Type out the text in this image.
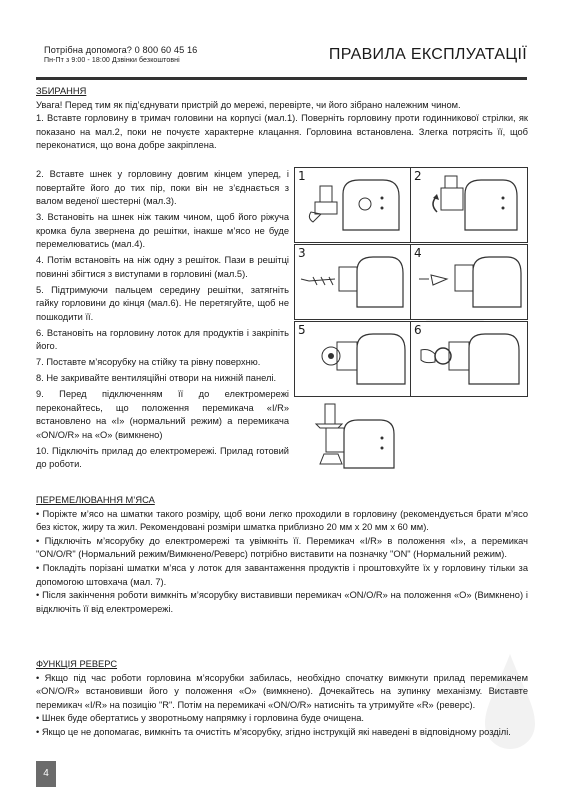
Потрібна допомога? 0 800 60 45 16
Пн-Пт з 9:00 - 18:00 Дзвінки безкоштовні	ПРАВИЛА ЕКСПЛУАТАЦІЇ

ЗБИРАННЯ

Увага! Перед тим як під’єднувати пристрій до мережі, перевірте, чи його зібрано належним чином.

1. Вставте горловину в тримач головини на корпусі (мал.1). Поверніть горловину проти годинникової стрілки, як показано на мал.2, поки не почуєте характерне клацання. Горловина встановлена. Злегка потрясіть її, щоб переконатися, що вона добре закріплена.

2. Вставте шнек у горловину довгим кінцем уперед, і повертайте його до тих пір, поки він не з’єднається з валом веденої шестерні (мал.3).

3. Встановіть на шнек ніж таким чином, щоб його ріжуча кромка була звернена до решітки, інакше м’ясо не буде перемелюватись (мал.4).

4. Потім встановіть на ніж одну з решіток. Пази в решітці повинні збігтися з виступами в горловині (мал.5).

5. Підтримуючи пальцем середину решітки, затягніть гайку горловини до кінця (мал.6). Не перетягуйте, щоб не пошкодити її.

6. Встановіть на горловину лоток для продуктів і закріпіть його.

7. Поставте м’ясорубку на стійку та рівну поверхню.

8. Не закривайте вентиляційні отвори на нижній панелі.

9. Перед підключенням її до електромережі переконайтесь, що положення перемикача «I/R» встановлено на «I» (нормальний режим) а перемикача «ON/O/R» на «O» (вимкнено)

10. Підключіть прилад до електромережі. Прилад готовий до роботи.

1	2
3	4
5	6

ПЕРЕМЕЛЮВАННЯ М’ЯСА

• Поріжте м’ясо на шматки такого розміру, щоб вони легко проходили в горловину (рекомендується брати м’ясо без кісток, жиру та жил. Рекомендовані розміри шматка приблизно 20 мм х 20 мм х 60 мм).

• Підключіть м’ясорубку до електромережі та увімкніть її. Перемикач «I/R» в положення «I», а перемикач "ON/O/R" (Нормальний режим/Вимкнено/Реверс) потрібно виставити на позначку "ON" (Нормальний режим).

• Покладіть порізані шматки м’яса у лоток для завантаження продуктів і проштовхуйте їх у горловину тільки за допомогою штовхача (мал. 7).

• Після закінчення роботи вимкніть м’ясорубку виставивши перемикач «ON/O/R» на положення «O» (Вимкнено) і відключіть її від електромережі.

ФУНКЦІЯ РЕВЕРС

• Якщо під час роботи горловина м’ясорубки забилась, необхідно спочатку вимкнути прилад перемикачем «ON/O/R» встановивши його у положення «O» (вимкнено). Дочекайтесь на зупинку механізму. Виставте перемикач «I/R» на позицію "R". Потім на перемикачі «ON/O/R» натисніть та утримуйте «R» (реверс).

• Шнек буде обертатись у зворотньому напрямку і горловина буде очищена.

• Якщо це не допомагає, вимкніть та очистіть м’ясорубку, згідно інструкцій які наведені в відповідному розділі.

4
